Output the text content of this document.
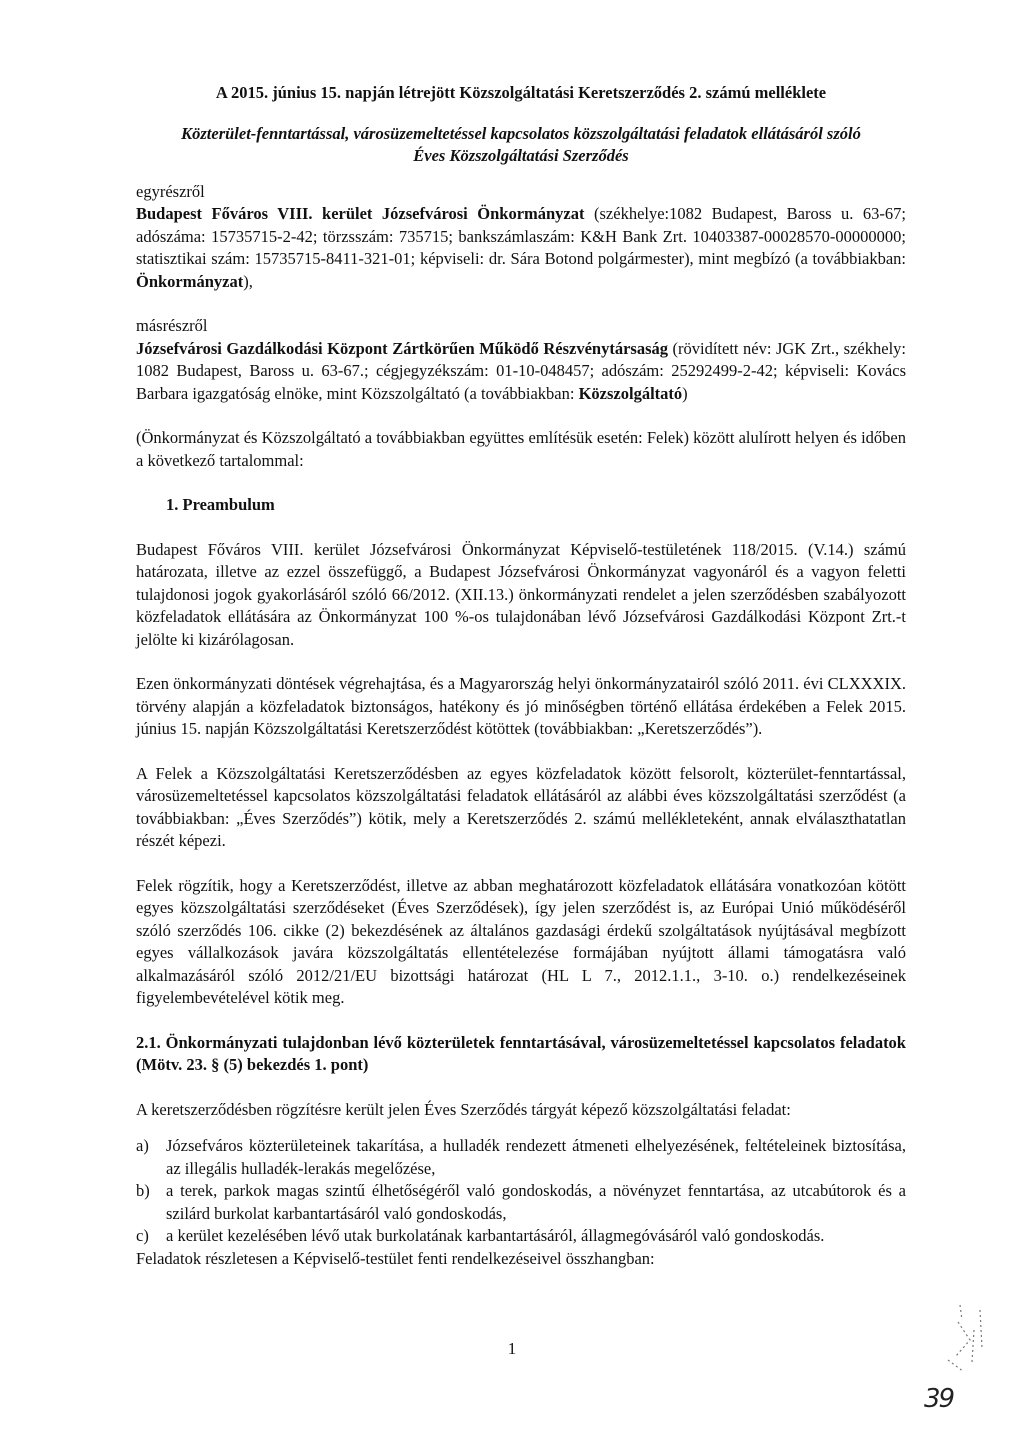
A 2015. június 15. napján létrejött Közszolgáltatási Keretszerződés 2. számú melléklete
Közterület-fenntartással, városüzemeltetéssel kapcsolatos közszolgáltatási feladatok ellátásáról szóló
Éves Közszolgáltatási Szerződés
egyrészről

Budapest Főváros VIII. kerület Józsefvárosi Önkormányzat (székhelye:1082 Budapest, Baross u. 63-67; adószáma: 15735715-2-42; törzsszám: 735715; bankszámlaszám: K&H Bank Zrt. 10403387-00028570-00000000; statisztikai szám: 15735715-8411-321-01; képviseli: dr. Sára Botond polgármester), mint megbízó (a továbbiakban: Önkormányzat),

másrészről

Józsefvárosi Gazdálkodási Központ Zártkörűen Működő Részvénytársaság (rövidített név: JGK Zrt., székhely: 1082 Budapest, Baross u. 63-67.; cégjegyzékszám: 01-10-048457; adószám: 25292499-2-42; képviseli: Kovács Barbara igazgatóság elnöke, mint Közszolgáltató (a továbbiakban: Közszolgáltató)

(Önkormányzat és Közszolgáltató a továbbiakban együttes említésük esetén: Felek) között alulírott helyen és időben a következő tartalommal:

1. Preambulum

Budapest Főváros VIII. kerület Józsefvárosi Önkormányzat Képviselő-testületének 118/2015. (V.14.) számú határozata, illetve az ezzel összefüggő, a Budapest Józsefvárosi Önkormányzat vagyonáról és a vagyon feletti tulajdonosi jogok gyakorlásáról szóló 66/2012. (XII.13.) önkormányzati rendelet a jelen szerződésben szabályozott közfeladatok ellátására az Önkormányzat 100 %-os tulajdonában lévő Józsefvárosi Gazdálkodási Központ Zrt.-t jelölte ki kizárólagosan.

Ezen önkormányzati döntések végrehajtása, és a Magyarország helyi önkormányzatairól szóló 2011. évi CLXXXIX. törvény alapján a közfeladatok biztonságos, hatékony és jó minőségben történő ellátása érdekében a Felek 2015. június 15. napján Közszolgáltatási Keretszerződést kötöttek (továbbiakban: „Keretszerződés”).

A Felek a Közszolgáltatási Keretszerződésben az egyes közfeladatok között felsorolt, közterület-fenntartással, városüzemeltetéssel kapcsolatos közszolgáltatási feladatok ellátásáról az alábbi éves közszolgáltatási szerződést (a továbbiakban: „Éves Szerződés”) kötik, mely a Keretszerződés 2. számú mellékleteként, annak elválaszthatatlan részét képezi.

Felek rögzítik, hogy a Keretszerződést, illetve az abban meghatározott közfeladatok ellátására vonatkozóan kötött egyes közszolgáltatási szerződéseket (Éves Szerződések), így jelen szerződést is, az Európai Unió működéséről szóló szerződés 106. cikke (2) bekezdésének az általános gazdasági érdekű szolgáltatások nyújtásával megbízott egyes vállalkozások javára közszolgáltatás ellentételezése formájában nyújtott állami támogatásra való alkalmazásáról szóló 2012/21/EU bizottsági határozat (HL L 7., 2012.1.1., 3-10. o.) rendelkezéseinek figyelembevételével kötik meg.

2.1. Önkormányzati tulajdonban lévő közterületek fenntartásával, városüzemeltetéssel kapcsolatos feladatok (Mötv. 23. § (5) bekezdés 1. pont)

A keretszerződésben rögzítésre került jelen Éves Szerződés tárgyát képező közszolgáltatási feladat:

a)	Józsefváros közterületeinek takarítása, a hulladék rendezett átmeneti elhelyezésének, feltételeinek biztosítása, az illegális hulladék-lerakás megelőzése,
b) a terek, parkok magas szintű élhetőségéről való gondoskodás, a növényzet fenntartása, az utcabútorok és a szilárd burkolat karbantartásáról való gondoskodás,
c)	a kerület kezelésében lévő utak burkolatának karbantartásáról, állagmegóvásáról való gondoskodás.

Feladatok részletesen a Képviselő-testület fenti rendelkezéseivel összhangban:

1
39
